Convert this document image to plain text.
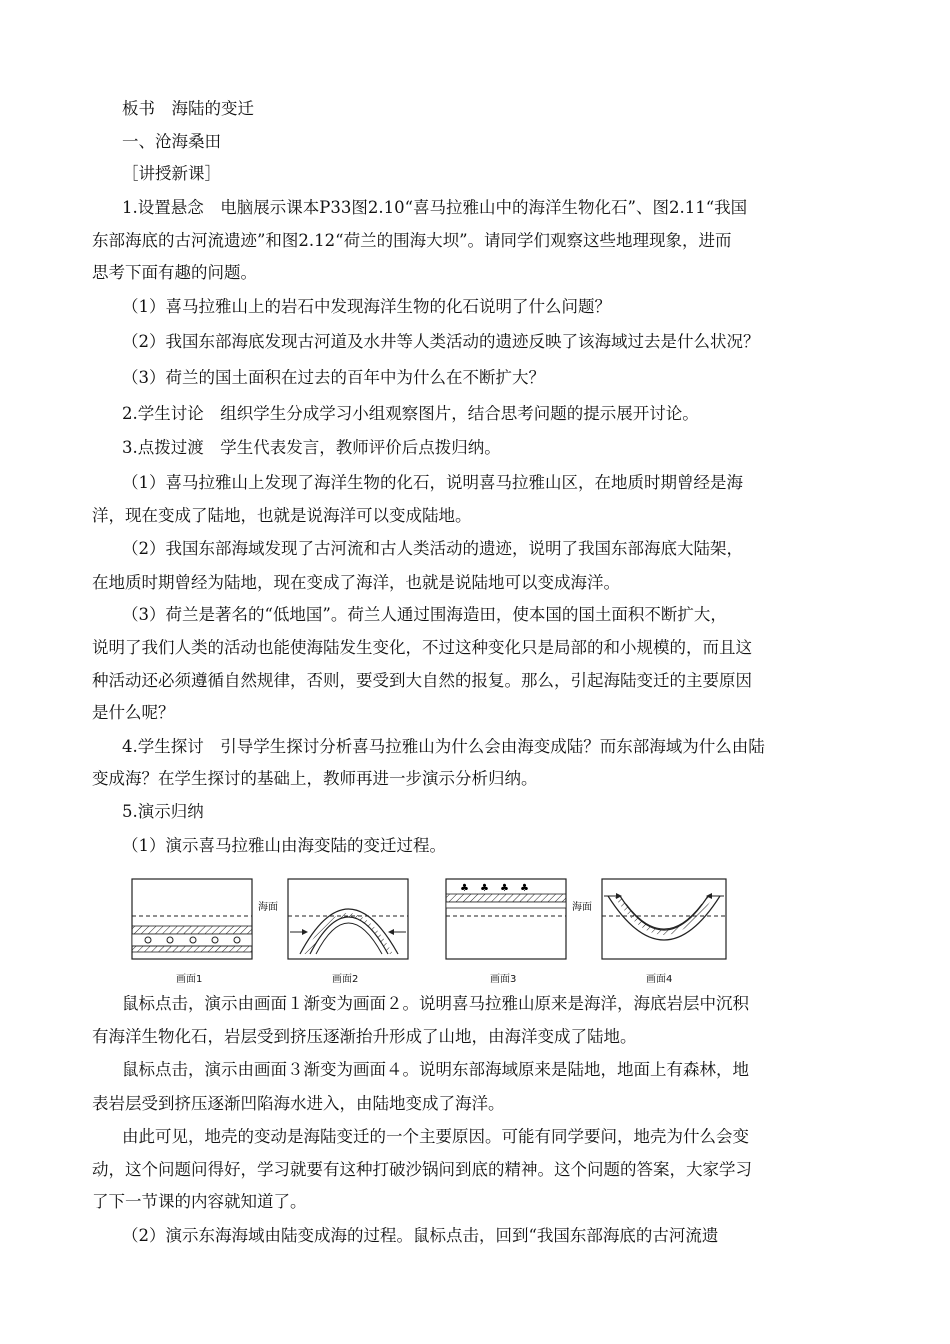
板书　海陆的变迁
一、沧海桑田
［讲授新课］
1.设置悬念　电脑展示课本P33图2.10“喜马拉雅山中的海洋生物化石”、图2.11“我国
东部海底的古河流遗迹”和图2.12“荷兰的围海大坝”。请同学们观察这些地理现象，进而
思考下面有趣的问题。
（1）喜马拉雅山上的岩石中发现海洋生物的化石说明了什么问题？
（2）我国东部海底发现古河道及水井等人类活动的遗迹反映了该海域过去是什么状况？
（3）荷兰的国土面积在过去的百年中为什么在不断扩大？
2.学生讨论　组织学生分成学习小组观察图片，结合思考问题的提示展开讨论。
3.点拨过渡　学生代表发言，教师评价后点拨归纳。
（1）喜马拉雅山上发现了海洋生物的化石，说明喜马拉雅山区，在地质时期曾经是海
洋，现在变成了陆地，也就是说海洋可以变成陆地。
（2）我国东部海域发现了古河流和古人类活动的遗迹，说明了我国东部海底大陆架，
在地质时期曾经为陆地，现在变成了海洋，也就是说陆地可以变成海洋。
（3）荷兰是著名的“低地国”。荷兰人通过围海造田，使本国的国土面积不断扩大，
说明了我们人类的活动也能使海陆发生变化，不过这种变化只是局部的和小规模的，而且这
种活动还必须遵循自然规律，否则，要受到大自然的报复。那么，引起海陆变迁的主要原因
是什么呢？
4.学生探讨　引导学生探讨分析喜马拉雅山为什么会由海变成陆？而东部海域为什么由陆
变成海？在学生探讨的基础上，教师再进一步演示分析归纳。
5.演示归纳
（1）演示喜马拉雅山由海变陆的变迁过程。
海面
♣ ♣ ♣ ♣
海面
画面1	画面2	画面3	画面4
鼠标点击，演示由画面１渐变为画面２。说明喜马拉雅山原来是海洋，海底岩层中沉积
有海洋生物化石，岩层受到挤压逐渐抬升形成了山地，由海洋变成了陆地。
鼠标点击，演示由画面３渐变为画面４。说明东部海域原来是陆地，地面上有森林，地
表岩层受到挤压逐渐凹陷海水进入，由陆地变成了海洋。
由此可见，地壳的变动是海陆变迁的一个主要原因。可能有同学要问，地壳为什么会变
动，这个问题问得好，学习就要有这种打破沙锅问到底的精神。这个问题的答案，大家学习
了下一节课的内容就知道了。
（2）演示东海海域由陆变成海的过程。鼠标点击，回到“我国东部海底的古河流遗
